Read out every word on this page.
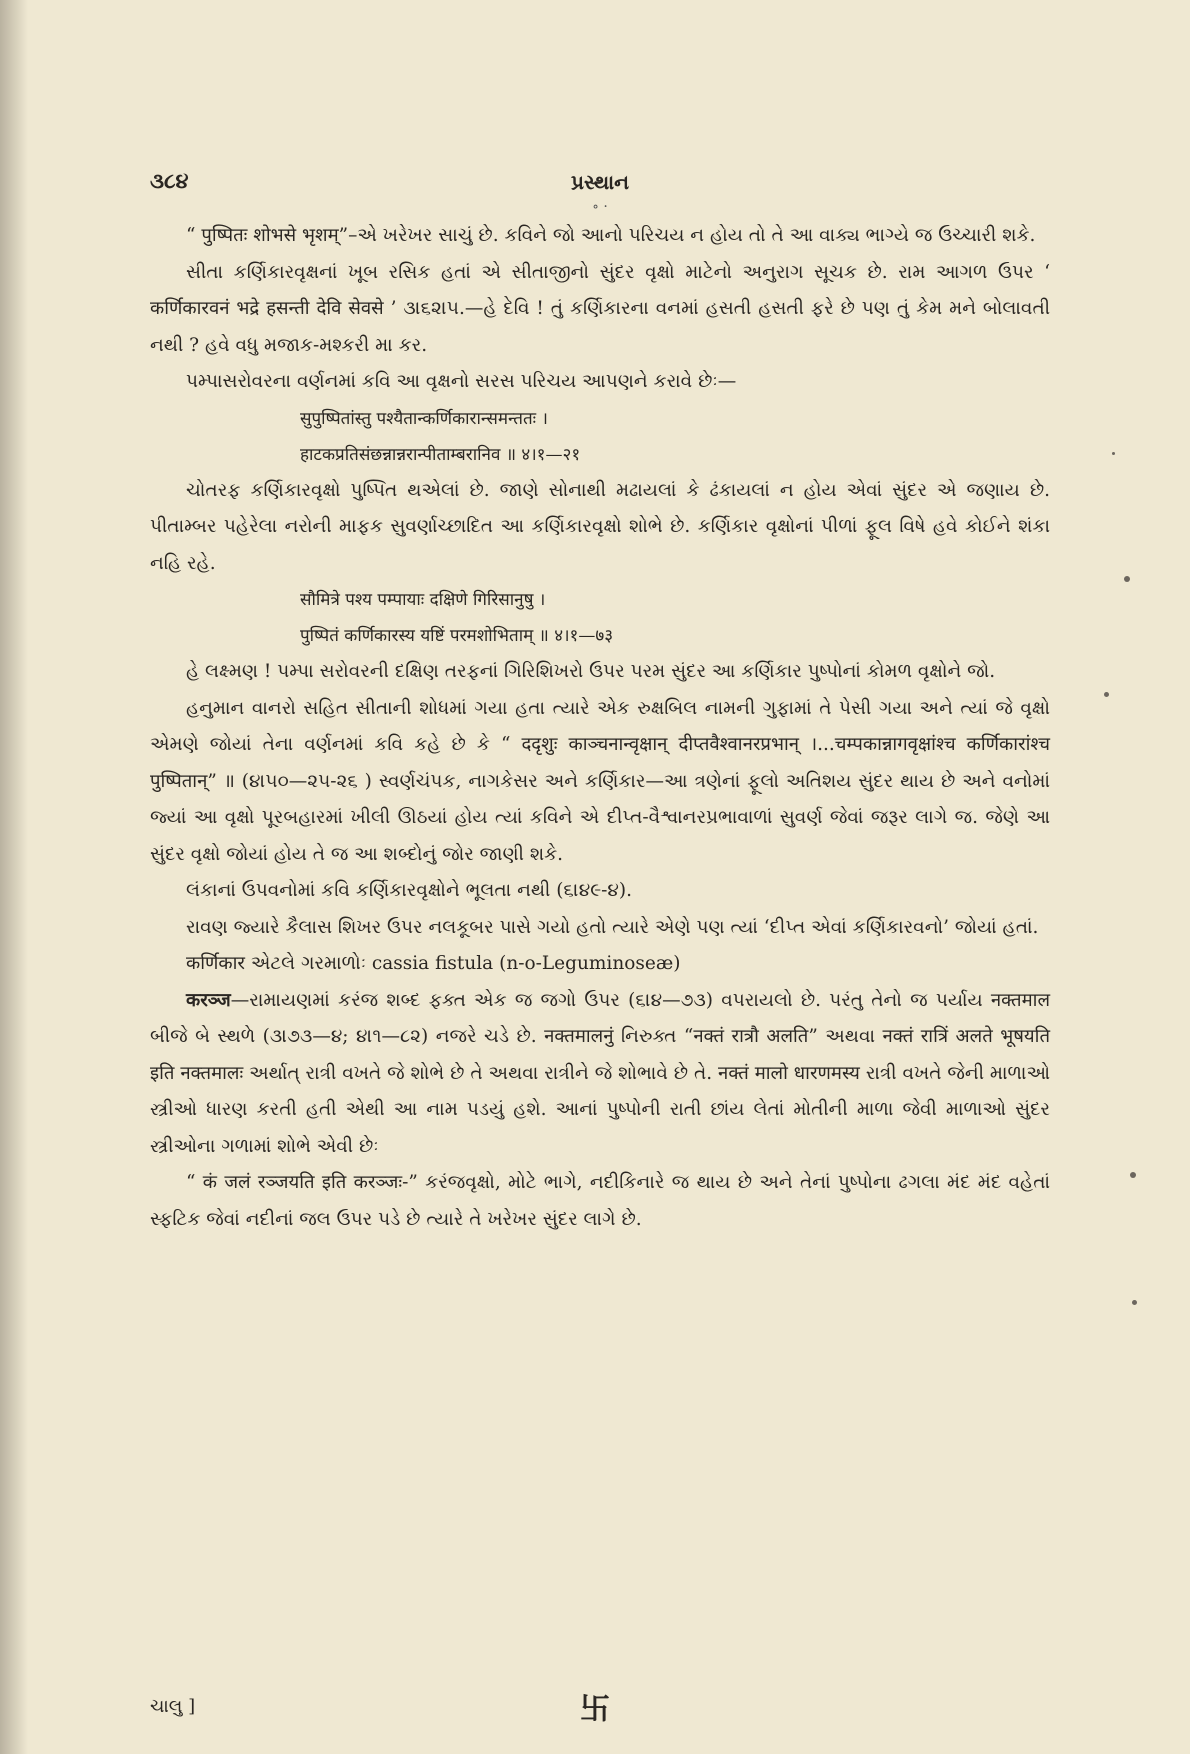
૩૮૪	પ્રસ્થાન
∘ ·

“ पुष्पितः शोभसे भृशम्”–એ ખરેખર સાચું છે. કવિને જો આનો પરિચય ન હોય તો તે આ વાક્ય ભાગ્યે જ ઉચ્ચારી શકે.

સીતા કર્ણિકારવૃક્ષનાં ખૂબ રસિક હતાં એ સીતાજીનો સુંદર વૃક્ષો માટેનો અનુરાગ સૂચક છે. રામ આગળ ઉપર ‘ कर्णिकारवनं भद्रे हसन्ती देवि सेवसे ’ ૩।૬૨।૫.—હે દેવિ ! તું કર્ણિકારના વનમાં હસતી હસતી ફરે છે પણ તું કેમ મને બોલાવતી નથી ? હવે વધુ મજાક-મશ્કરી મા કર.

પમ્પાસરોવરના વર્ણનમાં કવિ આ વૃક્ષનો સરસ પરિચય આપણને કરાવે છેઃ—

सुपुष्पितांस्तु पश्यैतान्कर्णिकारान्समन्ततः ।
हाटकप्रतिसंछन्नान्नरान्पीताम्बरानिव ॥ ४।१—२१

ચોતરફ કર્ણિકારવૃક્ષો પુષ્પિત થએલાં છે. જાણે સોનાથી મઢાયલાં કે ઢંકાયલાં ન હોય એવાં સુંદર એ જણાય છે. પીતામ્બર પહેરેલા નરોની માફક સુવર્ણાચ્છાદિત આ કર્ણિકારવૃક્ષો શોભે છે. કર્ણિકાર વૃક્ષોનાં પીળાં ફૂલ વિષે હવે કોઈને શંકા નહિ રહે.

सौमित्रे पश्य पम्पायाः दक्षिणे गिरिसानुषु ।
पुष्पितं कर्णिकारस्य यष्टिं परमशोभिताम् ॥ ४।१—७३

હે લક્ષ્મણ ! પમ્પા સરોવરની દક્ષિણ તરફનાં ગિરિશિખરો ઉપર પરમ સુંદર આ કર્ણિકાર પુષ્પોનાં કોમળ વૃક્ષોને જો.

હનુમાન વાનરો સહિત સીતાની શોધમાં ગયા હતા ત્યારે એક રુક્ષબિલ નામની ગુફામાં તે પેસી ગયા અને ત્યાં જે વૃક્ષો એમણે જોયાં તેના વર્ણનમાં કવિ કહે છે કે “ ददृशुः काञ्चनान्वृक्षान् दीप्तवैश्वानरप्रभान् ।...चम्पकान्नागवृक्षांश्च कर्णिकारांश्च पुष्पितान्” ॥ (૪।૫૦—૨૫-૨૬ ) સ્વર્ણચંપક, નાગકેસર અને કર્ણિકાર—આ ત્રણેનાં ફૂલો અતિશય સુંદર થાય છે અને વનોમાં જ્યાં આ વૃક્ષો પૂરબહારમાં ખીલી ઊઠયાં હોય ત્યાં કવિને એ દીપ્ત-વૈશ્વાનરપ્રભાવાળાં સુવર્ણ જેવાં જરૂર લાગે જ. જેણે આ સુંદર વૃક્ષો જોયાં હોય તે જ આ શબ્દોનું જોર જાણી શકે.

લંકાનાં ઉપવનોમાં કવિ કર્ણિકારવૃક્ષોને ભૂલતા નથી (૬।૪૯-૪).

રાવણ જ્યારે કૈલાસ શિખર ઉપર નલકૂબર પાસે ગયો હતો ત્યારે એણે પણ ત્યાં ‘દીપ્ત એવાં કર્ણિકારવનો’ જોયાં હતાં.

कर्णिकार એટલે ગરમાળોઃ cassia fistula (n-o-Leguminoseæ)

करञ्ज—રામાયણમાં કરંજ શબ્દ ફક્ત એક જ જગો ઉપર (૬।૪—૭૩) વપરાયલો છે. પરંતુ તેનો જ પર્યાય नक्तमाल બીજે બે સ્થળે (૩।૭૩—૪; ૪।૧—૮૨) નજરે ચડે છે. नक्तमालनुं નિરુક્ત “नक्तं रात्रौ अलति” અથવા नक्तं रात्रिं अलते भूषयति इति नक्तमालः અર્થાત્ રાત્રી વખતે જે શોભે છે તે અથવા રાત્રીને જે શોભાવે છે તે. नक्तं मालो धारणमस्य રાત્રી વખતે જેની માળાઓ સ્ત્રીઓ ધારણ કરતી હતી એથી આ નામ પડયું હશે. આનાં પુષ્પોની રાતી છાંય લેતાં મોતીની માળા જેવી માળાઓ સુંદર સ્ત્રીઓના ગળામાં શોભે એવી છેઃ

“ कं जलं रञ्जयति इति करञ्जः-” કરંજવૃક્ષો, મોટે ભાગે, નદીકિનારે જ થાય છે અને તેનાં પુષ્પોના ઢગલા મંદ મંદ વહેતાં સ્ફટિક જેવાં નદીનાં જલ ઉપર પડે છે ત્યારે તે ખરેખર સુંદર લાગે છે.

ચાલુ ]	卐
